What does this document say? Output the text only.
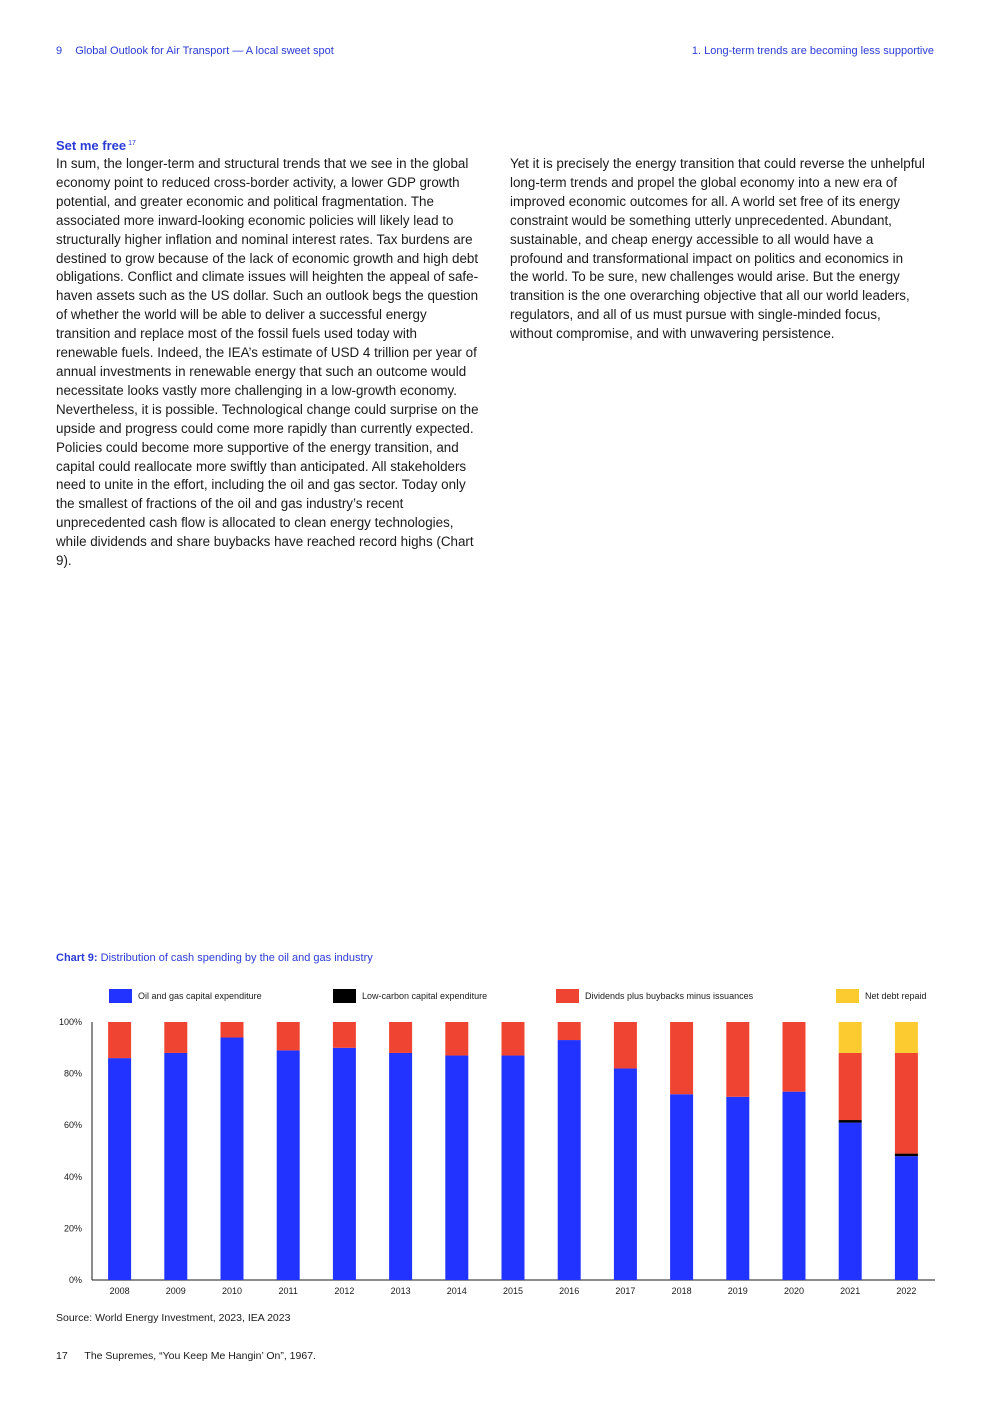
9 Global Outlook for Air Transport — A local sweet spot	1. Long-term trends are becoming less supportive
Set me free $^{17}$

In sum, the longer-term and structural trends that we see in the global economy point to reduced cross-border activity, a lower GDP growth potential, and greater economic and political fragmentation. The associated more inward-looking economic policies will likely lead to structurally higher inflation and nominal interest rates. Tax burdens are destined to grow because of the lack of economic growth and high debt obligations. Conflict and climate issues will heighten the appeal of safe-haven assets such as the US dollar. Such an outlook begs the question of whether the world will be able to deliver a successful energy transition and replace most of the fossil fuels used today with renewable fuels. Indeed, the IEA’s estimate of USD 4 trillion per year of annual investments in renewable energy that such an outcome would necessitate looks vastly more challenging in a low-growth economy. Nevertheless, it is possible. Technological change could surprise on the upside and progress could come more rapidly than currently expected. Policies could become more supportive of the energy transition, and capital could reallocate more swiftly than anticipated. All stakeholders need to unite in the effort, including the oil and gas sector. Today only the smallest of fractions of the oil and gas industry’s recent unprecedented cash flow is allocated to clean energy technologies, while dividends and share buybacks have reached record highs (Chart 9).

Yet it is precisely the energy transition that could reverse the unhelpful long-term trends and propel the global economy into a new era of improved economic outcomes for all. A world set free of its energy constraint would be something utterly unprecedented. Abundant, sustainable, and cheap energy accessible to all would have a profound and transformational impact on politics and economics in the world. To be sure, new challenges would arise. But the energy transition is the one overarching objective that all our world leaders, regulators, and all of us must pursue with single-minded focus, without compromise, and with unwavering persistence.

Chart 9: Distribution of cash spending by the oil and gas industry
Oil and gas capital expenditure	Low-carbon capital expenditure	Dividends plus buybacks minus issuances	Net debt repaid
0%
20%
40%
60%
80%
100%
2008	2009	2010	2011	2012	2013	2014	2015	2016	2017	2018	2019	2020	2021	2022
Source: World Energy Investment, 2023, IEA 2023
17 The Supremes, “You Keep Me Hangin’ On”, 1967.
